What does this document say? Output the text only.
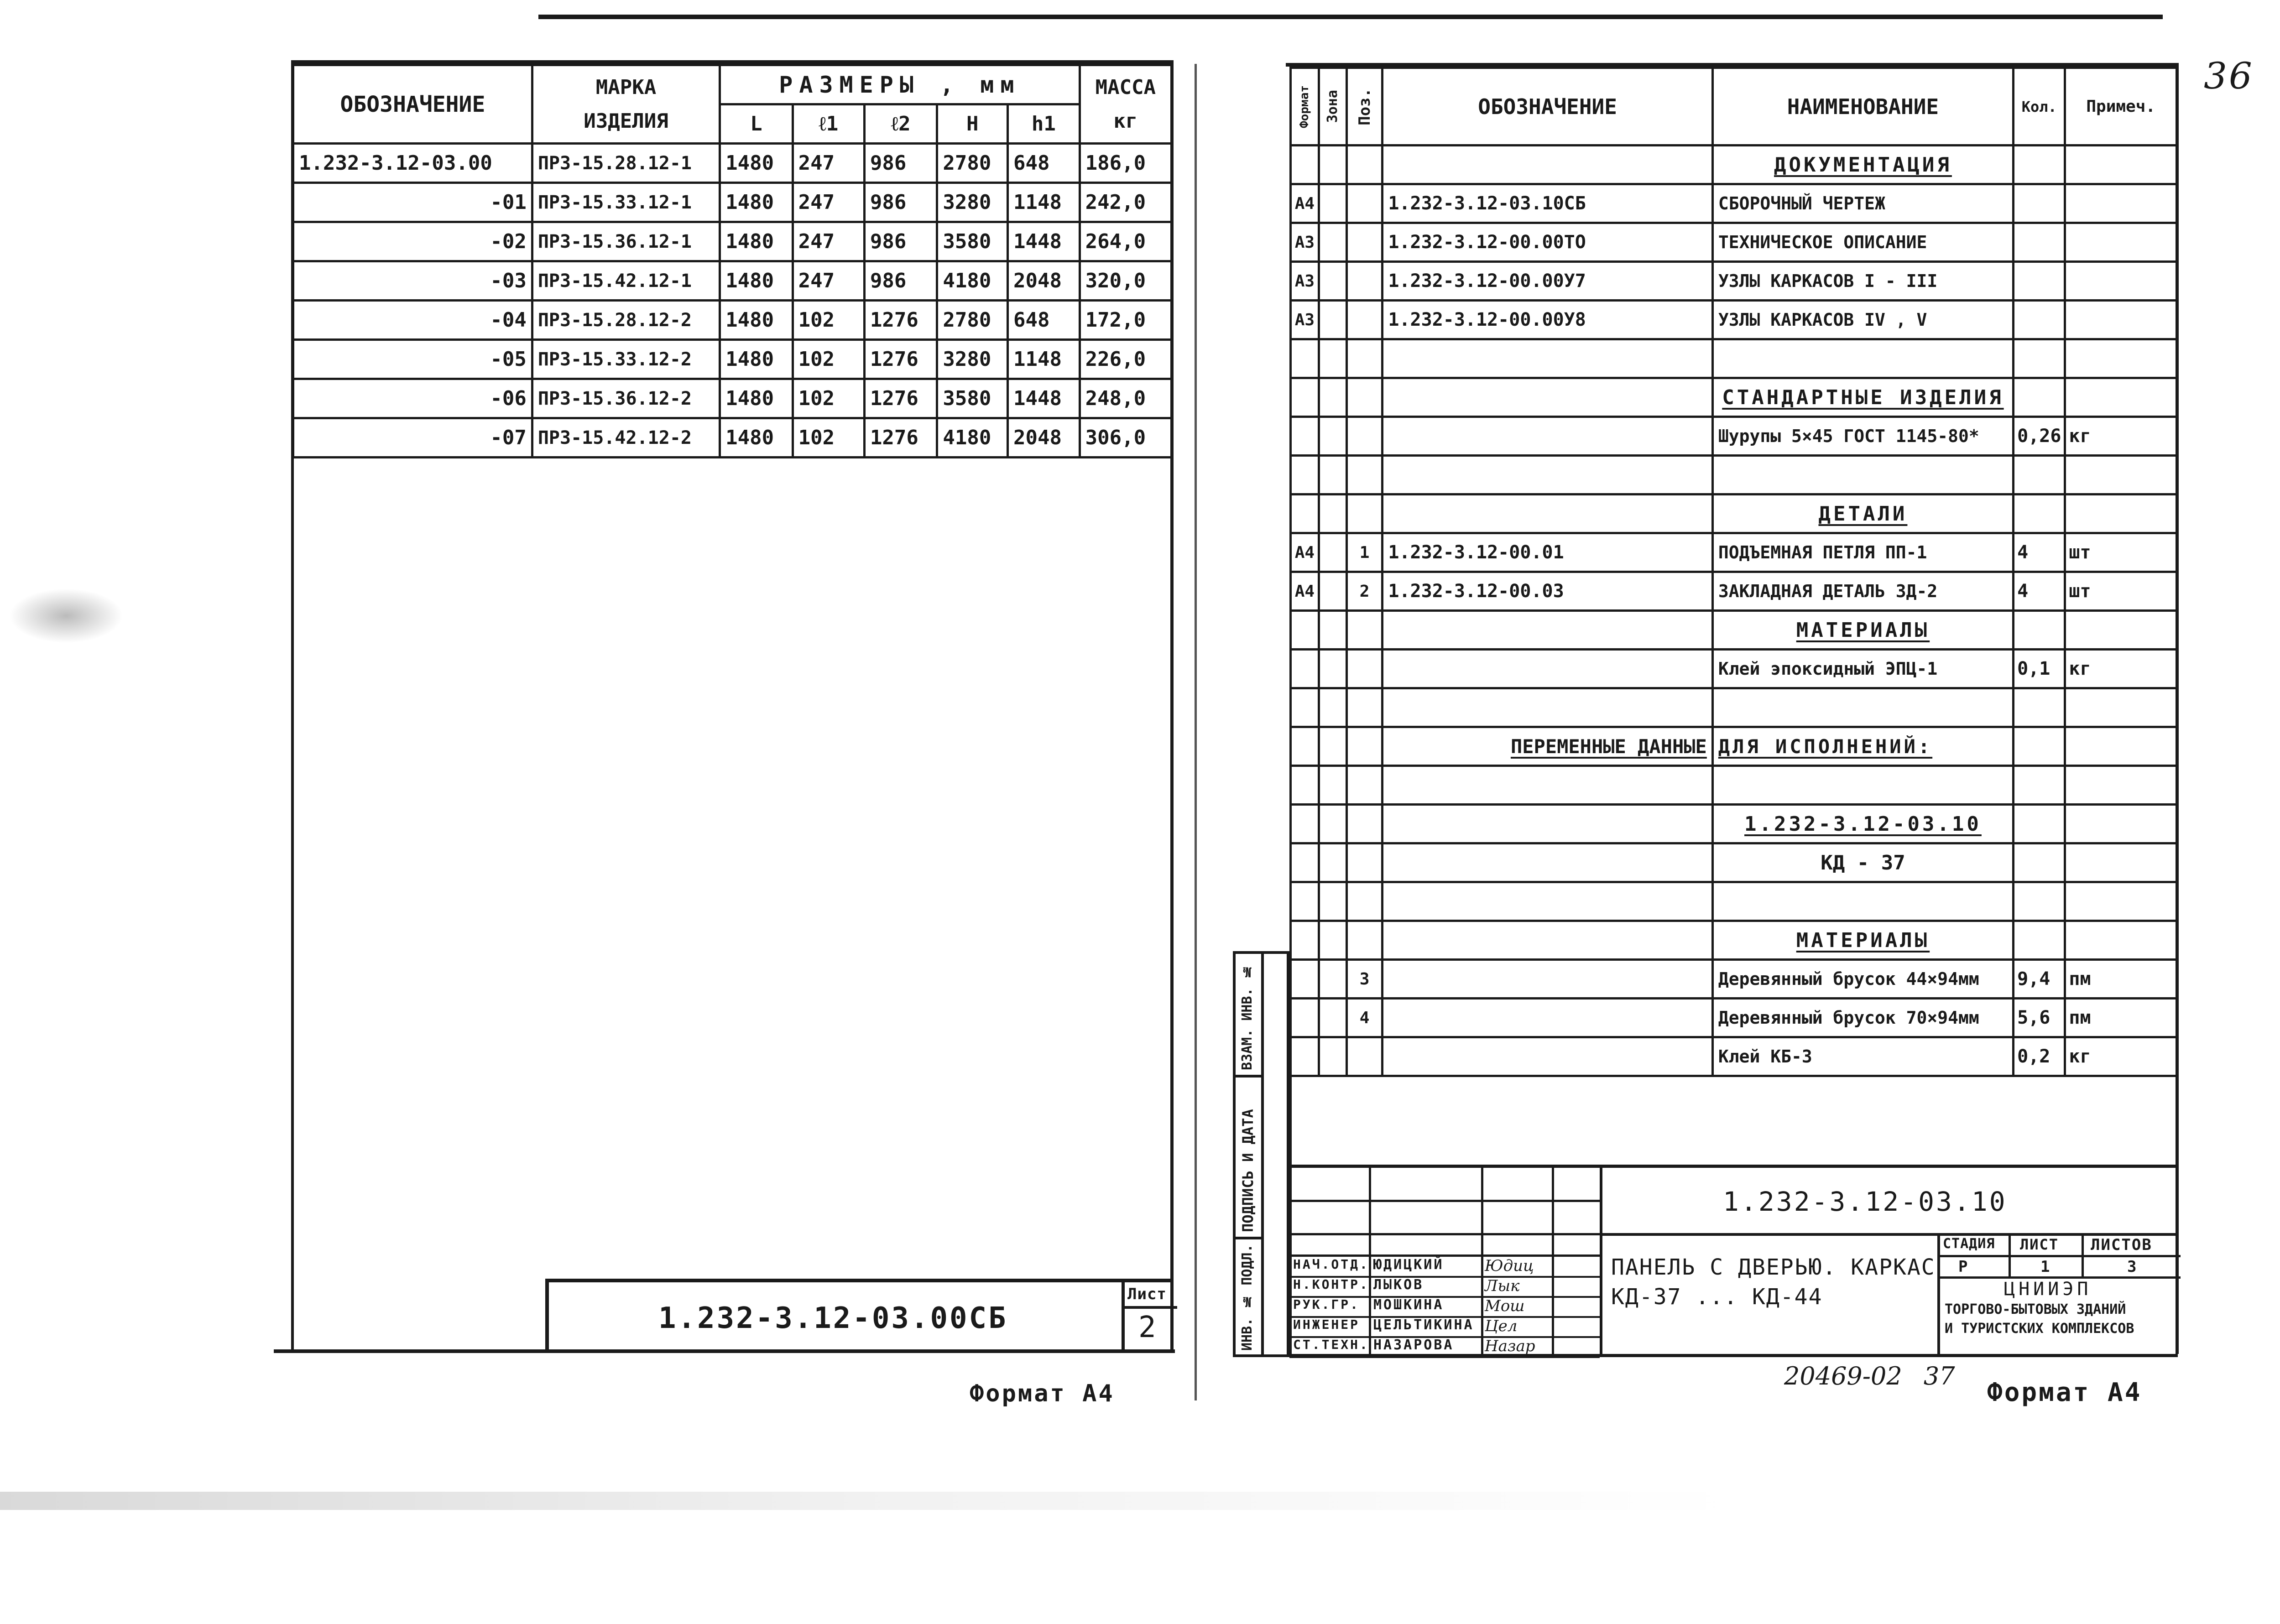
36
ОБОЗНАЧЕНИЕ	МАРКА
ИЗДЕЛИЯ	РАЗМЕРЫ , мм					МАССА
кг
		L	ℓ1	ℓ2	H	h1	
1.232-3.12-03.00	ПР3-15.28.12-1	1480	247	986	2780	648	186,0
-01	ПР3-15.33.12-1	1480	247	986	3280	1148	242,0
-02	ПР3-15.36.12-1	1480	247	986	3580	1448	264,0
-03	ПР3-15.42.12-1	1480	247	986	4180	2048	320,0
-04	ПР3-15.28.12-2	1480	102	1276	2780	648	172,0
-05	ПР3-15.33.12-2	1480	102	1276	3280	1148	226,0
-06	ПР3-15.36.12-2	1480	102	1276	3580	1448	248,0
-07	ПР3-15.42.12-2	1480	102	1276	4180	2048	306,0
1.232-3.12-03.00СБ
Лист
2
Формат А4
Формат	Зона	Поз.	ОБОЗНАЧЕНИЕ	НАИМЕНОВАНИЕ	Кол.	Примеч.
				ДОКУМЕНТАЦИЯ		
А4			1.232-3.12-03.10СБ	СБОРОЧНЫЙ ЧЕРТЕЖ		
А3			1.232-3.12-00.00ТО	ТЕХНИЧЕСКОЕ ОПИСАНИЕ		
А3			1.232-3.12-00.00У7	УЗЛЫ КАРКАСОВ I - III		
А3			1.232-3.12-00.00У8	УЗЛЫ КАРКАСОВ IV , V		

				СТАНДАРТНЫЕ ИЗДЕЛИЯ		
				Шурупы 5×45 ГОСТ 1145-80*	0,26	кг

				ДЕТАЛИ		
А4		1	1.232-3.12-00.01	ПОДЪЕМНАЯ ПЕТЛЯ ПП-1	4	шт
А4		2	1.232-3.12-00.03	ЗАКЛАДНАЯ ДЕТАЛЬ ЗД-2	4	шт
				МАТЕРИАЛЫ		
				Клей эпоксидный ЭПЦ-1	0,1	кг

			ПЕРЕМЕННЫЕ ДАННЫЕ	ДЛЯ ИСПОЛНЕНИЙ:		

				1.232-3.12-03.10		
				КД - 37		

				МАТЕРИАЛЫ		
		3		Деревянный брусок 44×94мм	9,4	пм
		4		Деревянный брусок 70×94мм	5,6	пм
				Клей КБ-3	0,2	кг

ИНВ. № ПОДЛ.
ПОДПИСЬ И ДАТА
ВЗАМ. ИНВ. №
1.232-3.12-03.10
НАЧ.ОТД. ЮДИЦКИЙ	Юдиц
Н.КОНТР. ЛЫКОВ	Лык
РУК.ГР. МОШКИНА	Мош
ИНЖЕНЕР ЦЕЛЬТИКИНА Цел
СТ.ТЕХН. НАЗАРОВА Назар
ПАНЕЛЬ С ДВЕРЬЮ. КАРКАС
КД-37 ... КД-44
СТАДИЯ ЛИСТ ЛИСТОВ
Р	1	3
ЦНИИЭП
ТОРГОВО-БЫТОВЫХ ЗДАНИЙ
И ТУРИСТСКИХ КОМПЛЕКСОВ
20469-02 37
Формат А4
